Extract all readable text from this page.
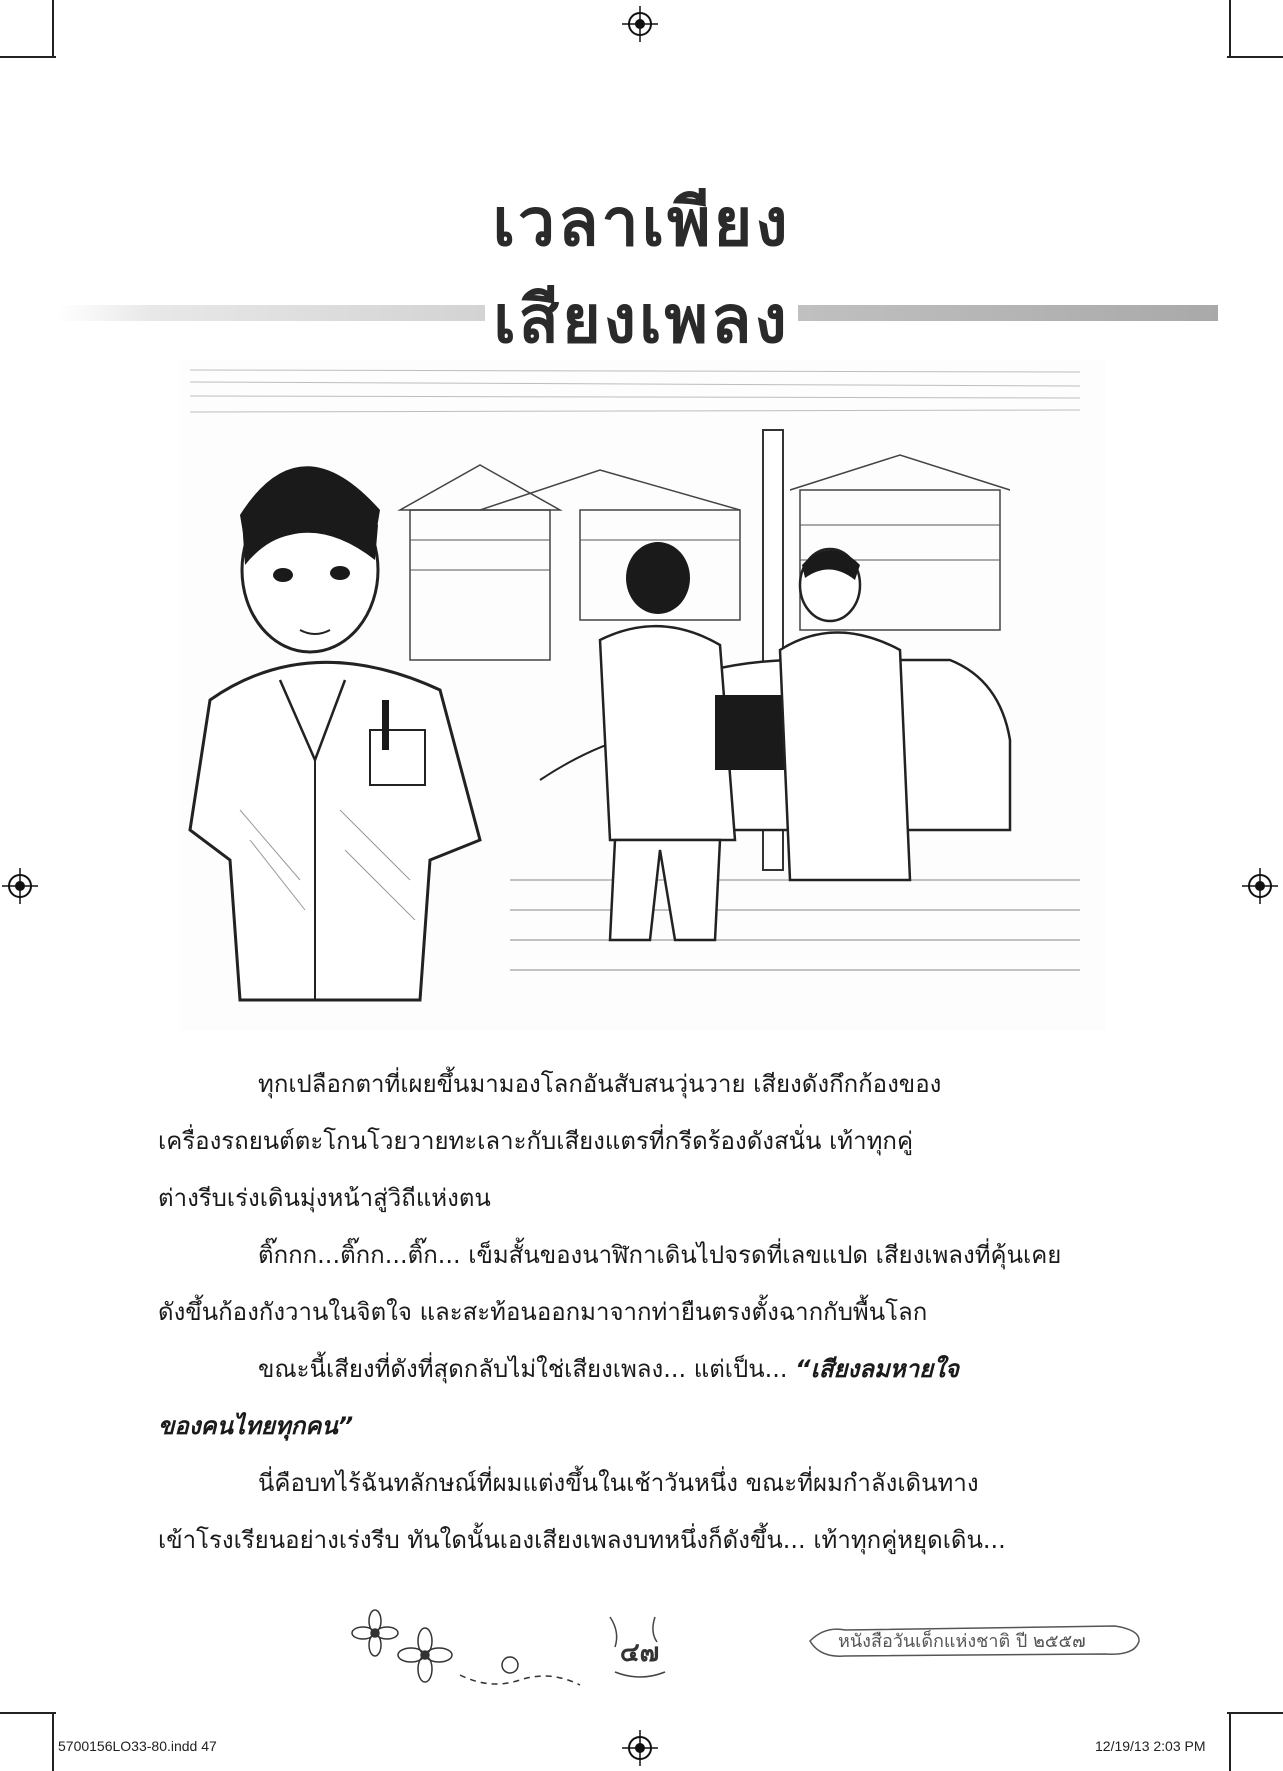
เวลาเพียง
เสียงเพลง

ทุกเปลือกตาที่เผยขึ้นมามองโลกอันสับสนวุ่นวาย เสียงดังกึกก้องของ

เครื่องรถยนต์ตะโกนโวยวายทะเลาะกับเสียงแตรที่กรีดร้องดังสนั่น เท้าทุกคู่

ต่างรีบเร่งเดินมุ่งหน้าสู่วิถีแห่งตน

ติ๊กกก...ติ๊กก...ติ๊ก... เข็มสั้นของนาฬิกาเดินไปจรดที่เลขแปด เสียงเพลงที่คุ้นเคย

ดังขึ้นก้องกังวานในจิตใจ และสะท้อนออกมาจากท่ายืนตรงตั้งฉากกับพื้นโลก

ขณะนี้เสียงที่ดังที่สุดกลับไม่ใช่เสียงเพลง... แต่เป็น... “เสียงลมหายใจ

ของคนไทยทุกคน”

นี่คือบทไร้ฉันทลักษณ์ที่ผมแต่งขึ้นในเช้าวันหนึ่ง ขณะที่ผมกำลังเดินทาง

เข้าโรงเรียนอย่างเร่งรีบ ทันใดนั้นเองเสียงเพลงบทหนึ่งก็ดังขึ้น... เท้าทุกคู่หยุดเดิน...

๔๗	หนังสือวันเด็กแห่งชาติ ปี ๒๕๕๗
5700156LO33-80.indd 47	12/19/13 2:03 PM
